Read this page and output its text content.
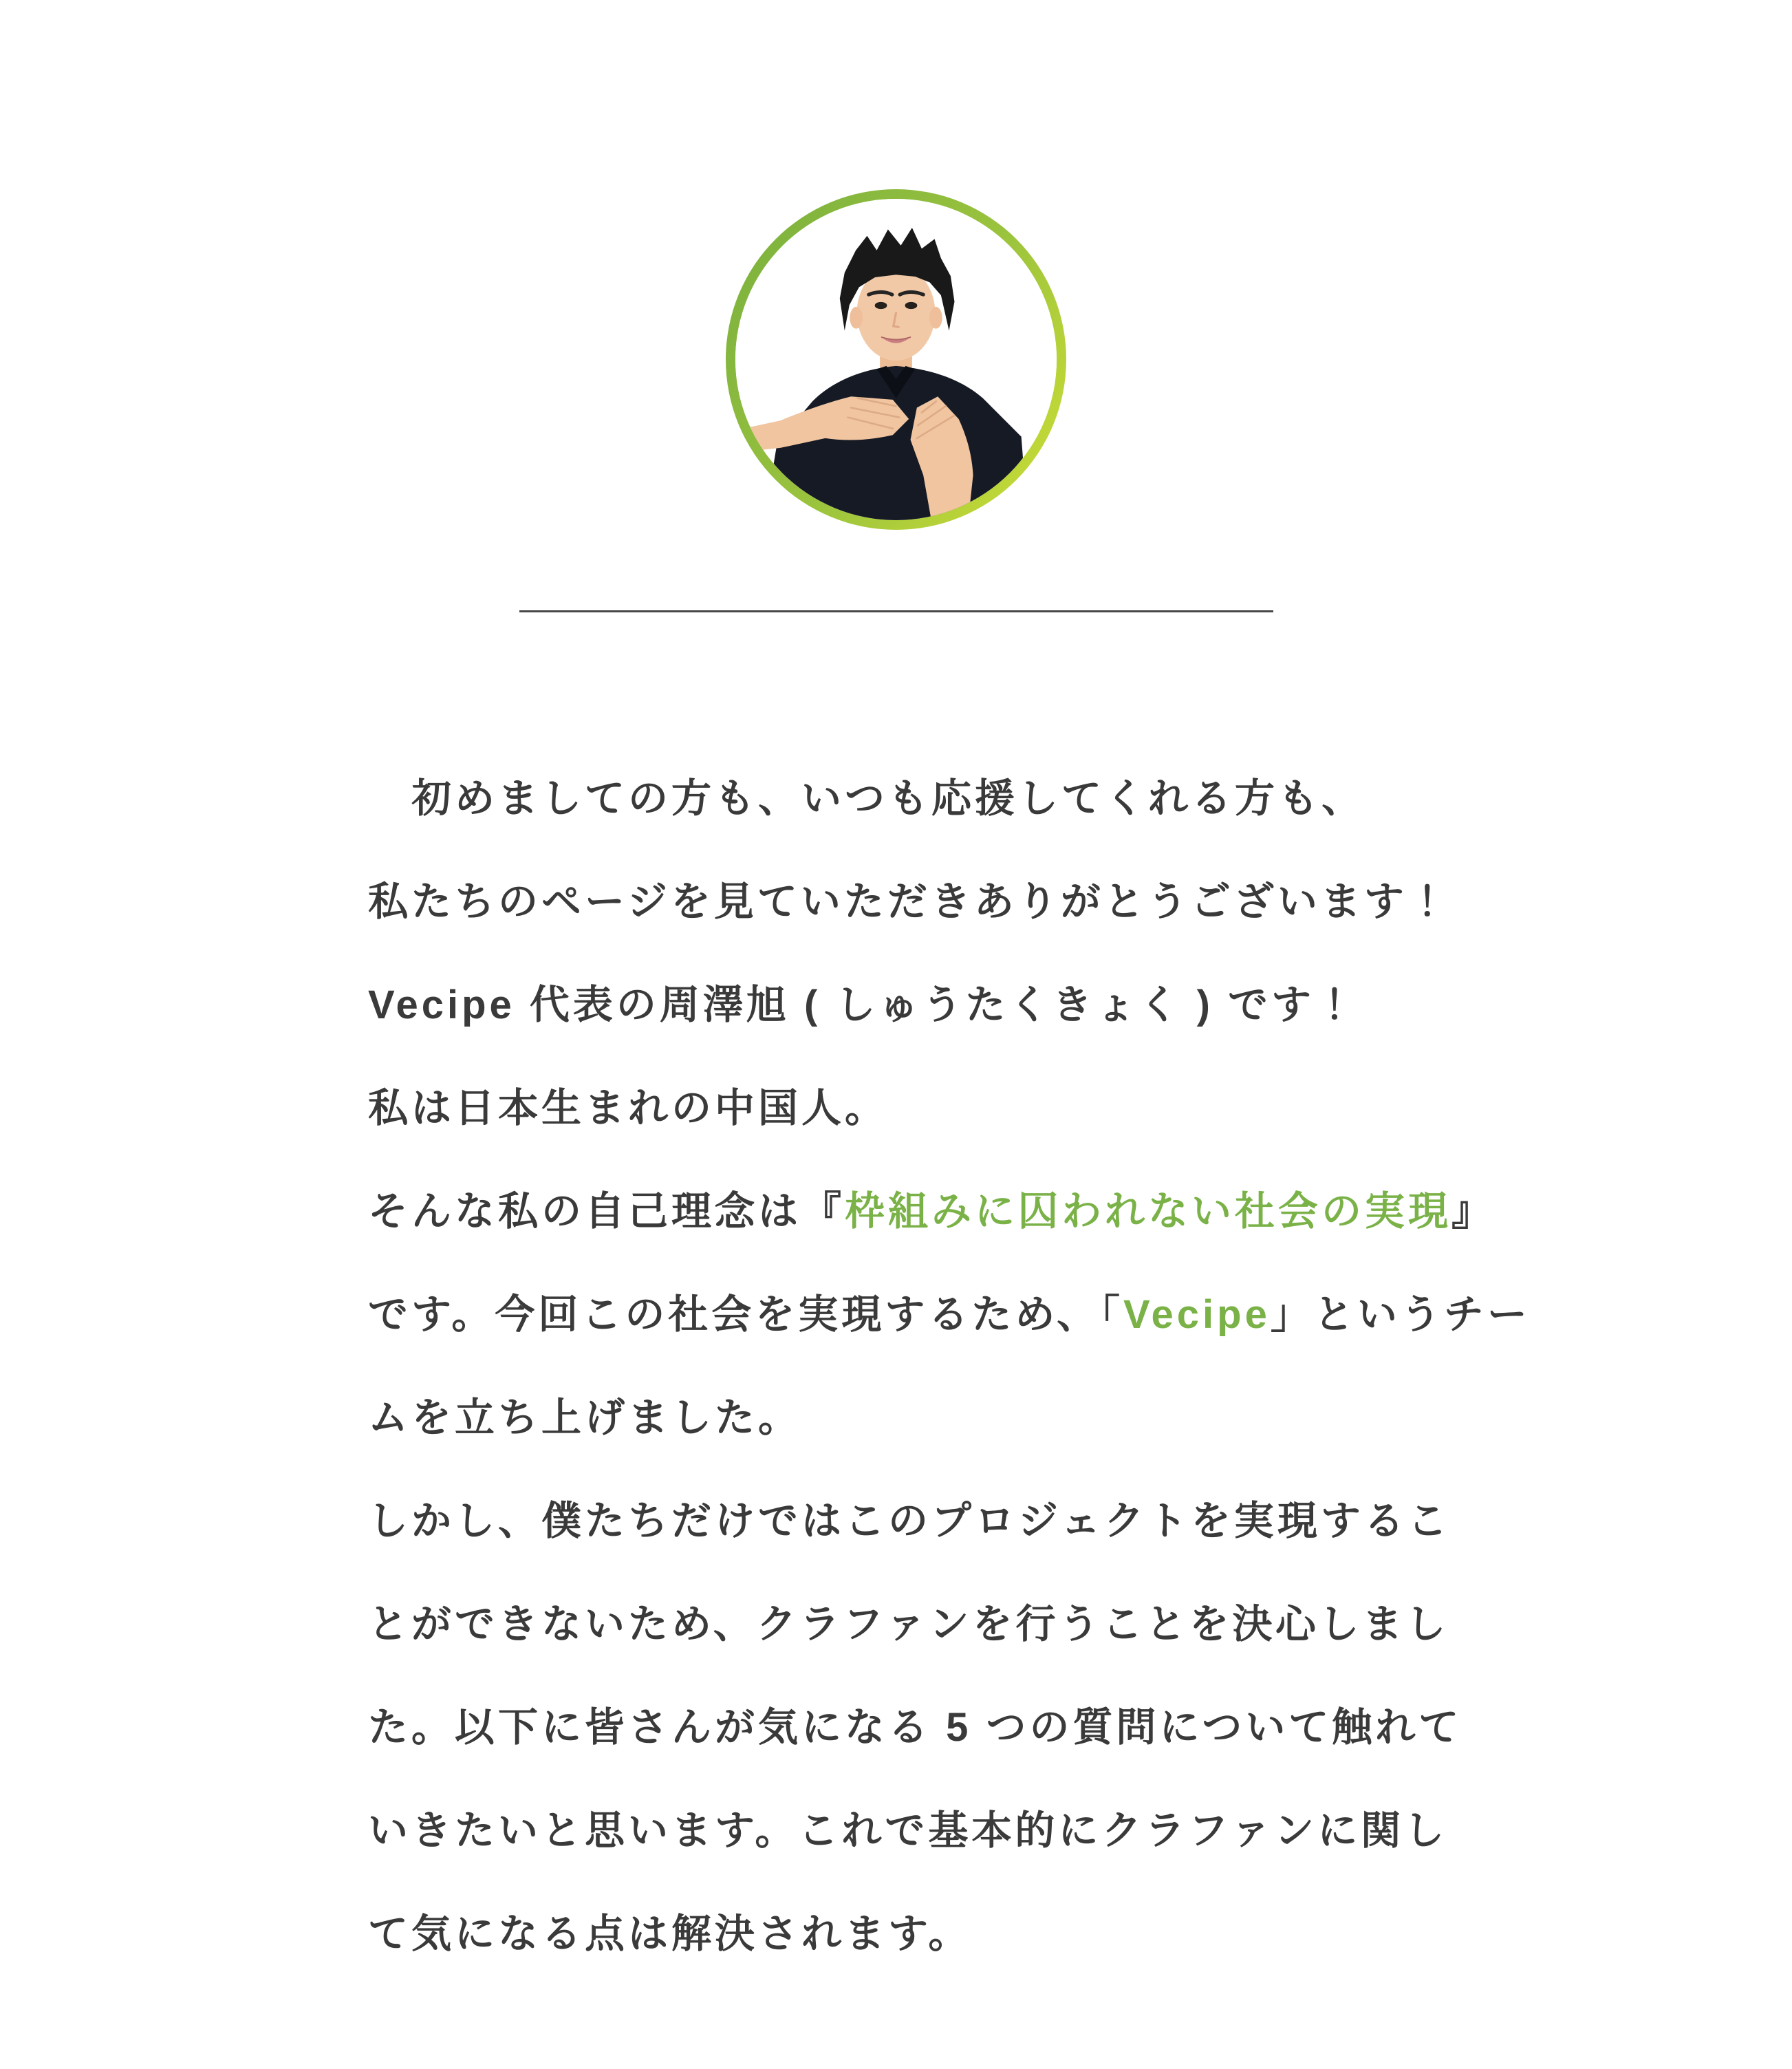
　初めましての方も、いつも応援してくれる方も、
私たちのページを見ていただきありがとうございます！
Vecipe 代表の周澤旭 ( しゅうたくきょく ) です！
私は日本生まれの中国人。
そんな私の自己理念は『枠組みに囚われない社会の実現』
です。今回この社会を実現するため、「Vecipe」というチー
ムを立ち上げました。
しかし、僕たちだけではこのプロジェクトを実現するこ
とができないため、クラファンを行うことを決心しまし
た。以下に皆さんが気になる 5 つの質問について触れて
いきたいと思います。これで基本的にクラファンに関し
て気になる点は解決されます。
